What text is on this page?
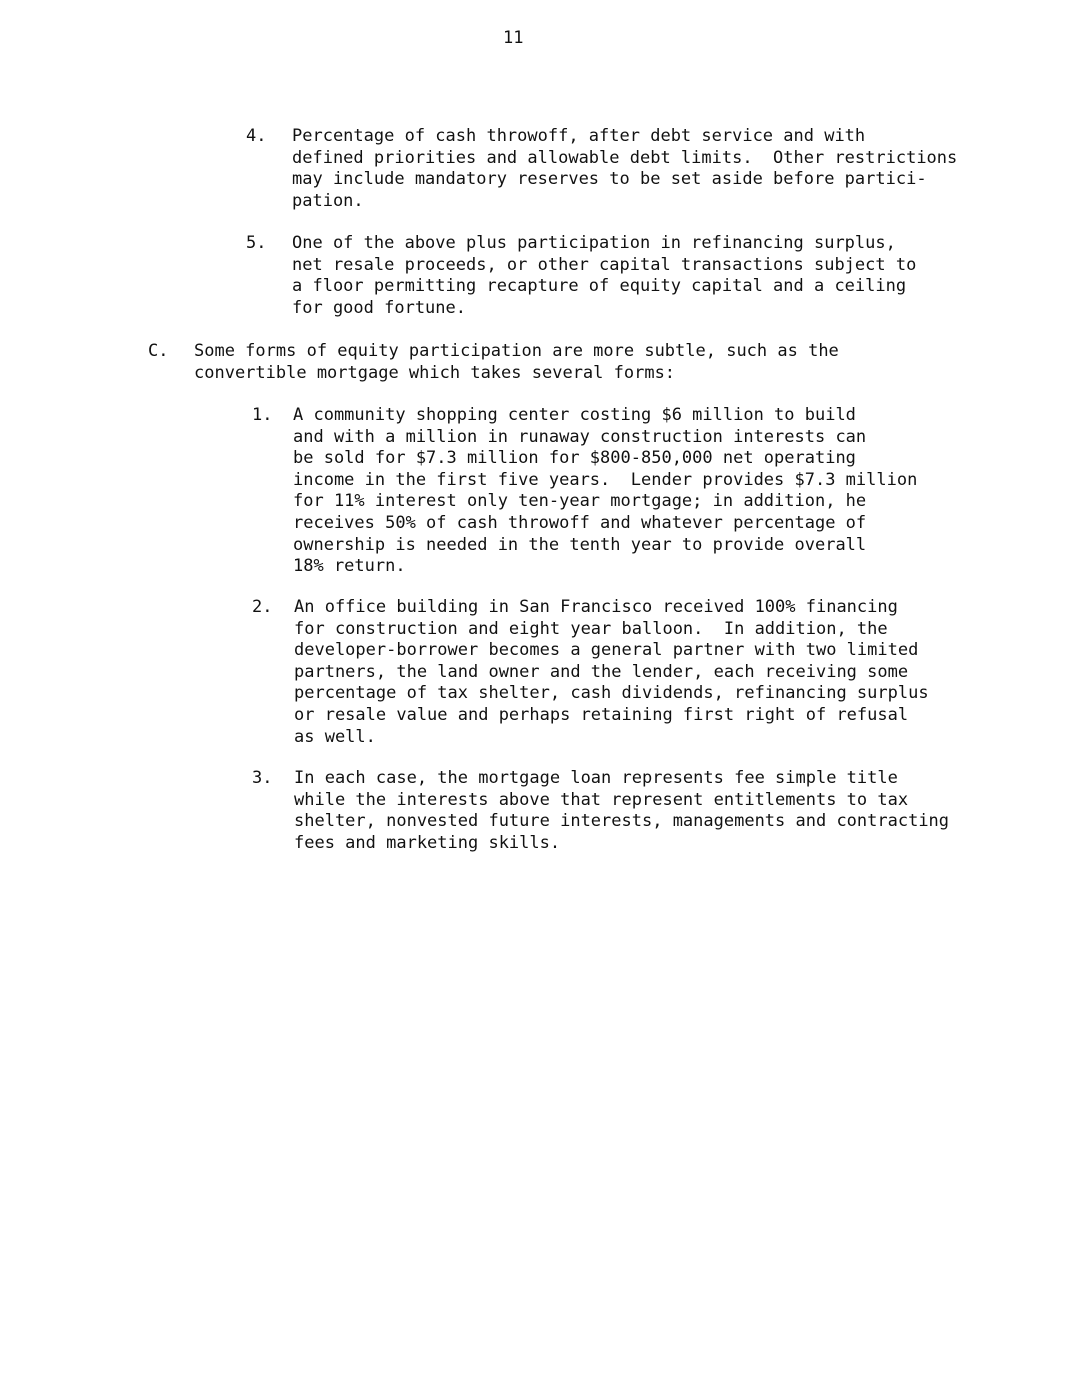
11
4. Percentage of cash throwoff, after debt service and with
defined priorities and allowable debt limits.  Other restrictions
may include mandatory reserves to be set aside before partici-
pation.
5. One of the above plus participation in refinancing surplus,
net resale proceeds, or other capital transactions subject to
a floor permitting recapture of equity capital and a ceiling
for good fortune.
C. Some forms of equity participation are more subtle, such as the
convertible mortgage which takes several forms:
1. A community shopping center costing $6 million to build
and with a million in runaway construction interests can
be sold for $7.3 million for $800-850,000 net operating
income in the first five years.  Lender provides $7.3 million
for 11% interest only ten-year mortgage; in addition, he
receives 50% of cash throwoff and whatever percentage of
ownership is needed in the tenth year to provide overall
18% return.
2. An office building in San Francisco received 100% financing
for construction and eight year balloon.  In addition, the
developer-borrower becomes a general partner with two limited
partners, the land owner and the lender, each receiving some
percentage of tax shelter, cash dividends, refinancing surplus
or resale value and perhaps retaining first right of refusal
as well.
3. In each case, the mortgage loan represents fee simple title
while the interests above that represent entitlements to tax
shelter, nonvested future interests, managements and contracting
fees and marketing skills.
